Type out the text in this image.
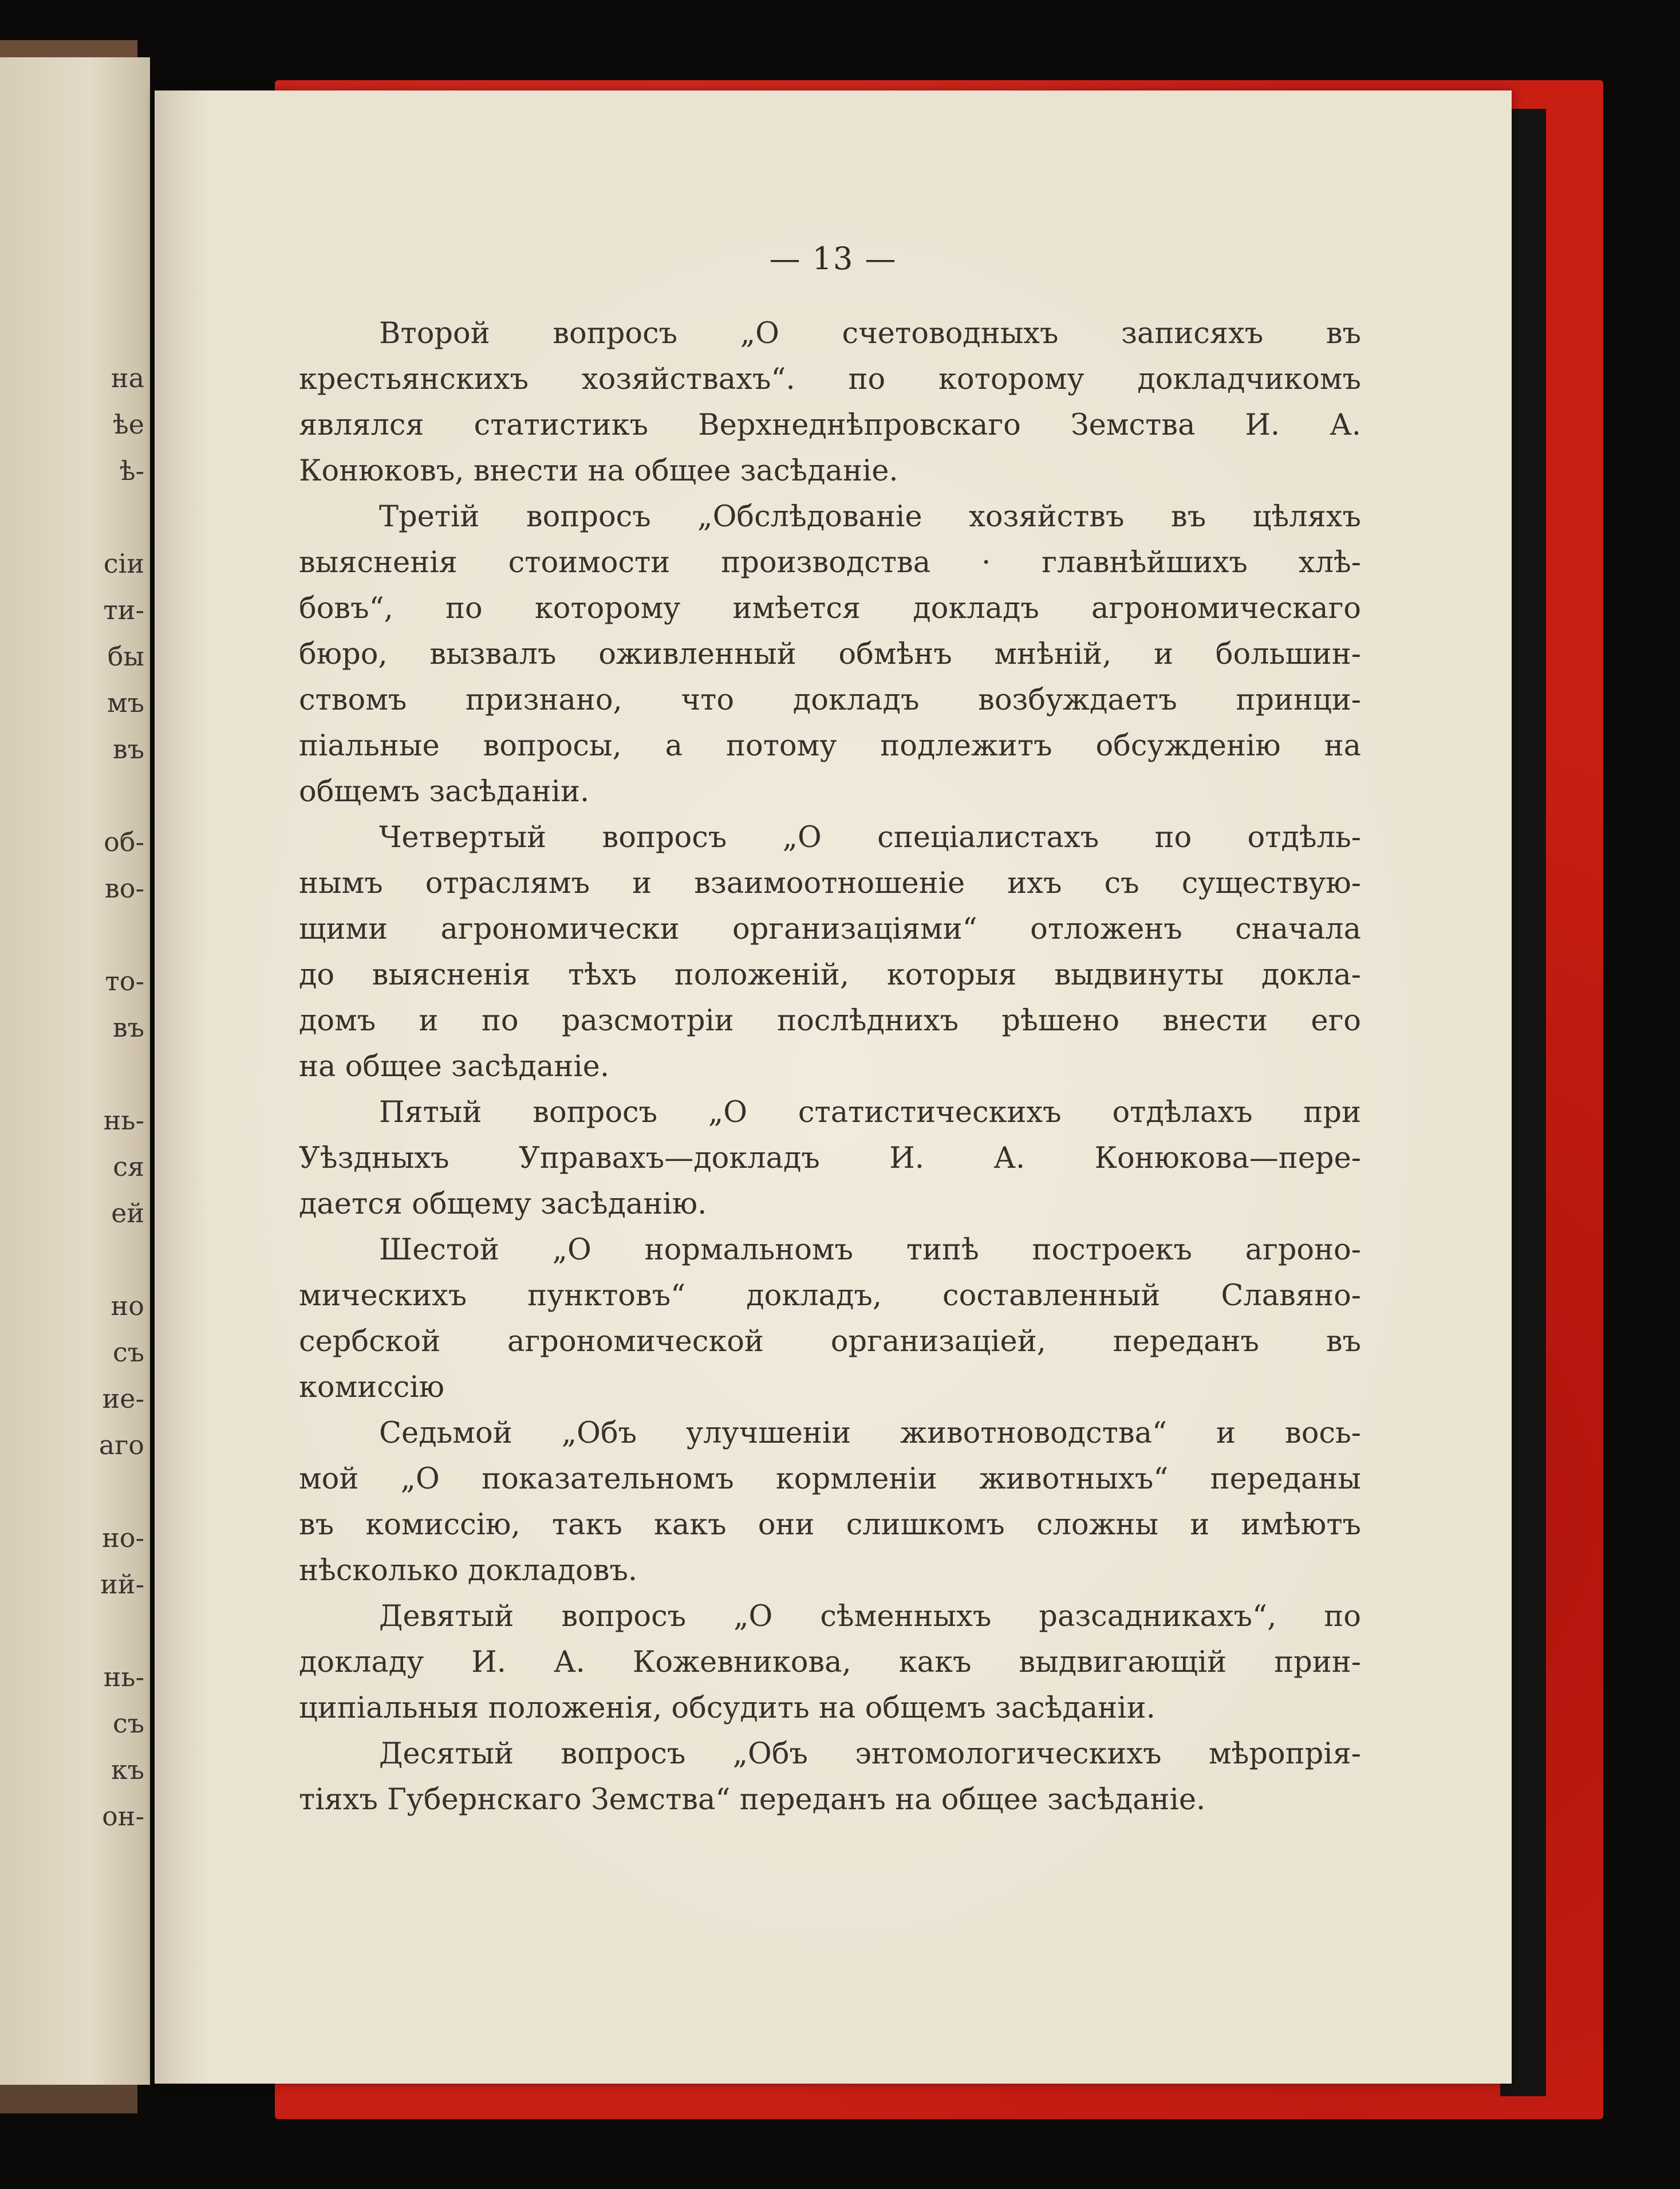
на
ѣе
ѣ-
сіи
ти-
бы
мъ
въ
об-
во-
то-
въ
нь-
ся
ей
но
съ
ие-
аго
но-
ий-
нь-
съ
къ
он-
— 13 —

Второй вопросъ „О счетоводныхъ записяхъ въ
крестьянскихъ хозяйствахъ“. по которому докладчикомъ
являлся статистикъ Верхнеднѣпровскаго Земства И. А.
Конюковъ, внести на общее засѣданіе.

Третій вопросъ „Обслѣдованіе хозяйствъ въ цѣляхъ
выясненія стоимости производства · главнѣйшихъ хлѣ-
бовъ“, по которому имѣется докладъ агрономическаго
бюро, вызвалъ оживленный обмѣнъ мнѣній, и большин-
ствомъ признано, что докладъ возбуждаетъ принци-
піальные вопросы, а потому подлежитъ обсужденію на
общемъ засѣданіи.

Четвертый вопросъ „О спеціалистахъ по отдѣль-
нымъ отраслямъ и взаимоотношеніе ихъ съ существую-
щими агрономически организаціями“ отложенъ сначала
до выясненія тѣхъ положеній, которыя выдвинуты докла-
домъ и по разсмотріи послѣднихъ рѣшено внести его
на общее засѣданіе.

Пятый вопросъ „О статистическихъ отдѣлахъ при
Уѣздныхъ Управахъ—докладъ И. А. Конюкова—пере-
дается общему засѣданію.

Шестой „О нормальномъ типѣ построекъ агроно-
мическихъ пунктовъ“ докладъ, составленный Славяно-
сербской агрономической организаціей, переданъ въ
комиссію

Седьмой „Объ улучшеніи животноводства“ и вось-
мой „О показательномъ кормленіи животныхъ“ переданы
въ комиссію, такъ какъ они слишкомъ сложны и имѣютъ
нѣсколько докладовъ.

Девятый вопросъ „О сѣменныхъ разсадникахъ“, по
докладу И. А. Кожевникова, какъ выдвигающій прин-
ципіальныя положенія, обсудить на общемъ засѣданіи.

Десятый вопросъ „Объ энтомологическихъ мѣропрія-
тіяхъ Губернскаго Земства“ переданъ на общее засѣданіе.
